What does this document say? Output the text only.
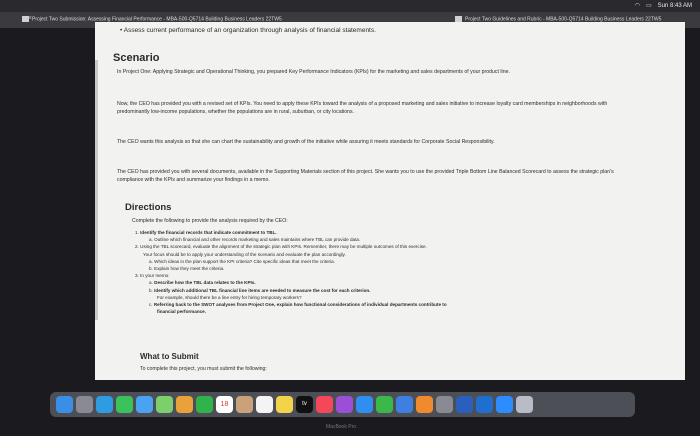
◠ ▭ Sun 8:43 AM
Project Two Submission: Assessing Financial Performance - MBA-500-Q5714 Building Business Leaders 22TW5
×	Project Two Guidelines and Rubric - MBA-500-Q5714 Building Business Leaders 22TW5
• Assess current performance of an organization through analysis of financial statements.
Scenario

In Project One: Applying Strategic and Operational Thinking, you prepared Key Performance Indicators (KPIs) for the marketing and sales departments of your product line.

Now, the CEO has provided you with a revised set of KPIs. You need to apply these KPIs toward the analysis of a proposed marketing and sales initiative to increase loyalty card memberships in neighborhoods with predominantly low-income populations, whether the populations are in rural, suburban, or city locations.

The CEO wants this analysis so that she can chart the sustainability and growth of the initiative while assuring it meets standards for Corporate Social Responsibility.

The CEO has provided you with several documents, available in the Supporting Materials section of this project. She wants you to use the provided Triple Bottom Line Balanced Scorecard to assess the strategic plan's compliance with the KPIs and summarize your findings in a memo.

Directions

Complete the following to provide the analysis required by the CEO:

1. Identify the financial records that indicate commitment to TBL.
a. Outline which financial and other records marketing and sales maintains where TBL can provide data.
2. Using the TBL scorecard, evaluate the alignment of the strategic plan with KPIs. Remember, there may be multiple outcomes of this exercise.
Your focus should be to apply your understanding of the scenario and evaluate the plan accordingly.
a. Which ideas in the plan support the KPI criteria? Cite specific ideas that meet the criteria.
b. Explain how they meet the criteria.
3. In your memo:
a. Describe how the TBL data relates to the KPIs.
b. Identify which additional TBL financial line items are needed to measure the cost for each criterion.
For example, should there be a line entry for hiring temporary workers?
c. Referring back to the SWOT analyses from Project One, explain how functional considerations of individual departments contribute to
financial performance.
What to Submit

To complete this project, you must submit the following:

18	tv
MacBook Pro
